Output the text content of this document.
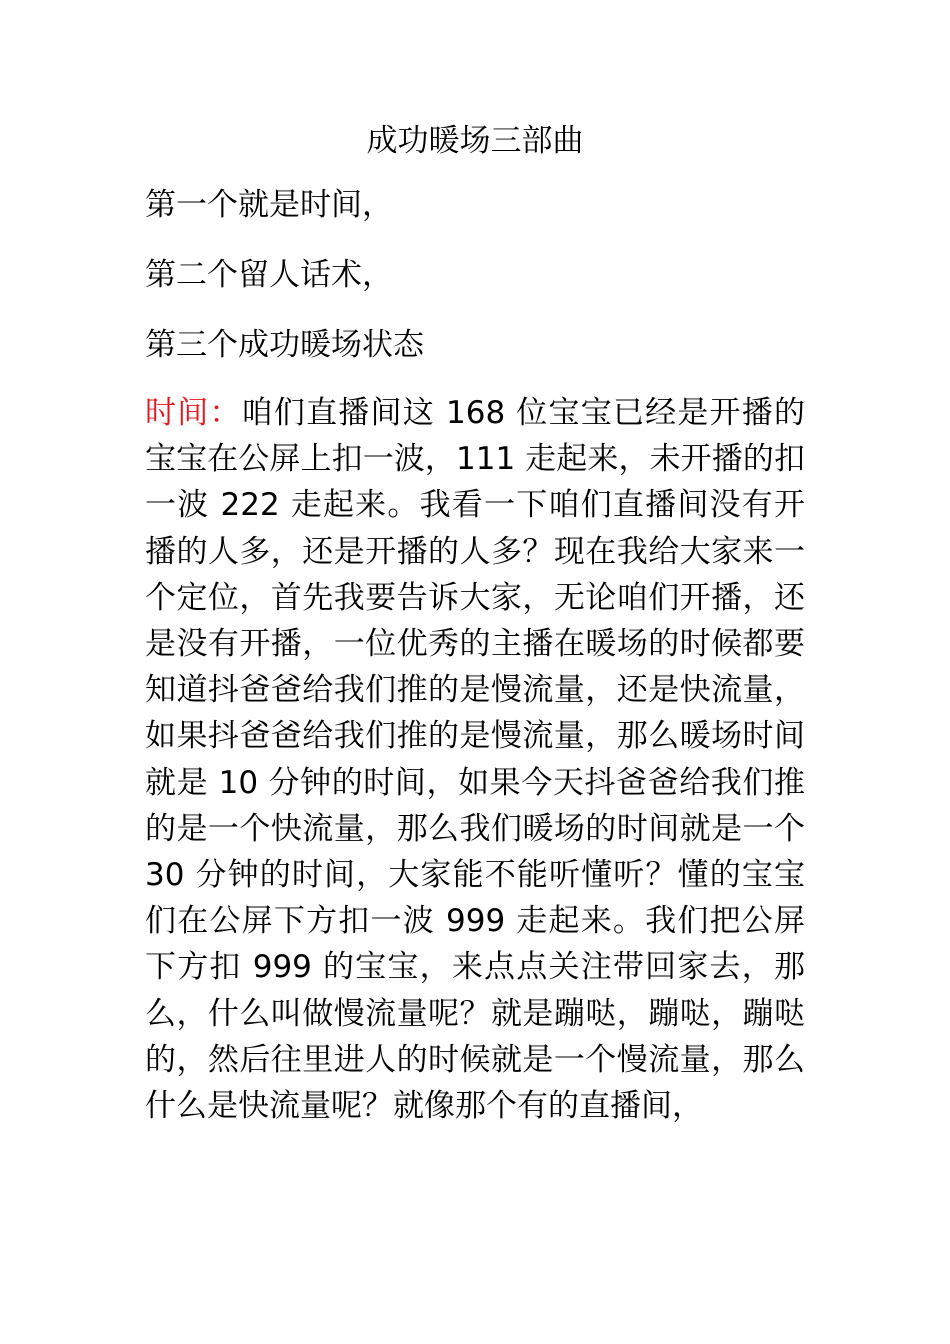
成功暖场三部曲

第一个就是时间，

第二个留人话术，

第三个成功暖场状态

时间：咱们直播间这 168 位宝宝已经是开播的宝宝在公屏上扣一波，111 走起来，未开播的扣一波 222 走起来。我看一下咱们直播间没有开播的人多，还是开播的人多？现在我给大家来一个定位，首先我要告诉大家，无论咱们开播，还是没有开播，一位优秀的主播在暖场的时候都要知道抖爸爸给我们推的是慢流量，还是快流量，如果抖爸爸给我们推的是慢流量，那么暖场时间就是 10 分钟的时间，如果今天抖爸爸给我们推的是一个快流量，那么我们暖场的时间就是一个 30 分钟的时间，大家能不能听懂听？懂的宝宝们在公屏下方扣一波 999 走起来。我们把公屏下方扣 999 的宝宝，来点点关注带回家去，那么，什么叫做慢流量呢？就是蹦哒，蹦哒，蹦哒的，然后往里进人的时候就是一个慢流量，那么什么是快流量呢？就像那个有的直播间，
